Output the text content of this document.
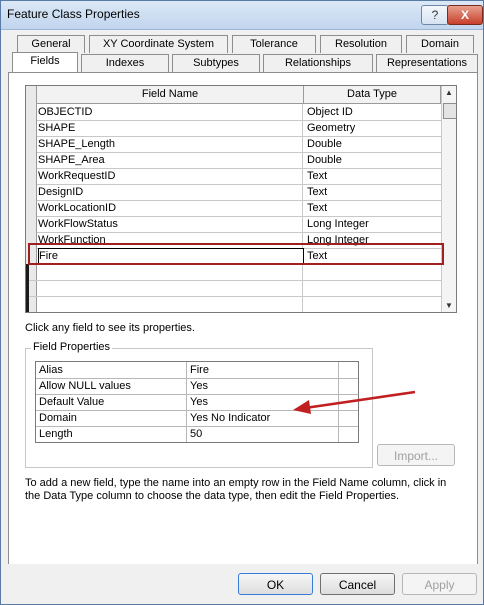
Feature Class Properties	?	X
General	XY Coordinate System	Tolerance	Resolution	Domain
Fields	Indexes	Subtypes	Relationships	Representations
Field Name	Data Type
OBJECTID	Object ID
SHAPE	Geometry
SHAPE_Length	Double
SHAPE_Area	Double
WorkRequestID	Text
DesignID	Text
WorkLocationID	Text
WorkFlowStatus	Long Integer
WorkFunction	Long Integer
Fire	Text
▲
▼
Click any field to see its properties.
Field Properties
Alias	Fire
Allow NULL values	Yes
Default Value	Yes
Domain	Yes No Indicator
Length	50
Import...
To add a new field, type the name into an empty row in the Field Name column, click in the Data Type column to choose the data type, then edit the Field Properties.
OK	Cancel	Apply
